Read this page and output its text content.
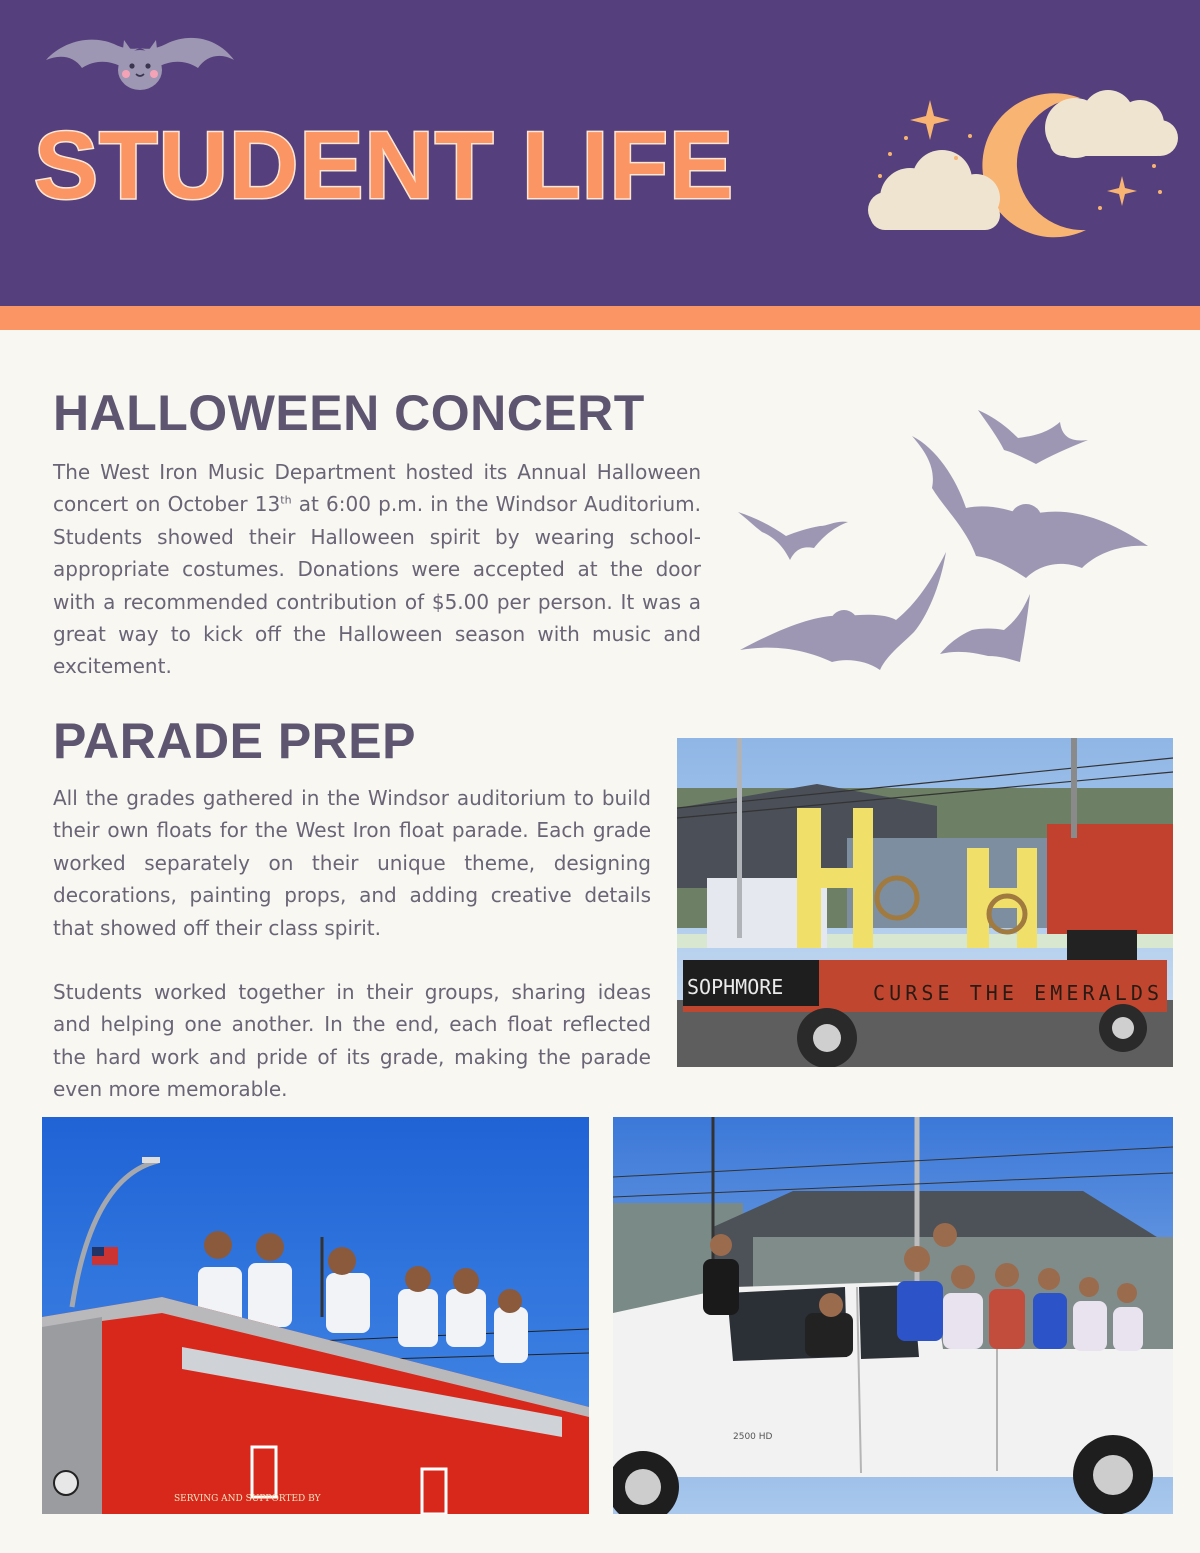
STUDENT LIFE
HALLOWEEN CONCERT

The West Iron Music Department hosted its Annual Halloween concert on October 13th at 6:00 p.m. in the Windsor Auditorium. Students showed their Halloween spirit by wearing school-appropriate costumes. Donations were accepted at the door with a recommended contribution of $5.00 per person. It was a great way to kick off the Halloween season with music and excitement.

PARADE PREP

All the grades gathered in the Windsor auditorium to build their own floats for the West Iron float parade. Each grade worked separately on their unique theme, designing decorations, painting props, and adding creative details that showed off their class spirit.

Students worked together in their groups, sharing ideas and helping one another. In the end, each float reflected the hard work and pride of its grade, making the parade even more memorable.

SOPHMORE	CURSE THE EMERALDS
SERVING AND SUPPORTED BY
2500 HD
